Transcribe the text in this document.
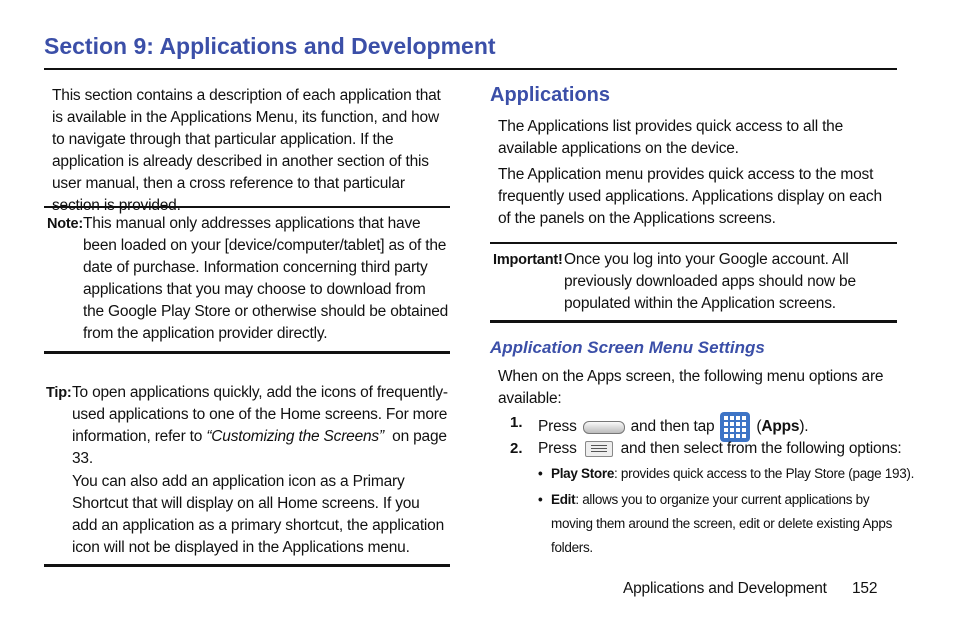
Section 9: Applications and Development

This section contains a description of each application that is available in the Applications Menu, its function, and how to navigate through that particular application. If the application is already described in another section of this user manual, then a cross reference to that particular

Note: This manual only addresses applications that have been loaded on your [device/computer/tablet] as of the date of purchase. Information concerning third party applications that you may choose to download from the Google Play Store or otherwise should be obtained from the application provider directly.

Tip: To open applications quickly, add the icons of frequently-used applications to one of the Home screens. For more information, refer to “Customizing the Screens”  on page 33.

You can also add an application icon as a Primary Shortcut that will display on all Home screens. If you add an application as a primary shortcut, the application icon will not be displayed in the Applications menu.

Applications

The Applications list provides quick access to all the available applications on the device.

The Application menu provides quick access to the most frequently used applications. Applications display on each of the panels on the Applications screens.

Important! Once you log into your Google account. All previously downloaded apps should now be populated within the Application screens.

Application Screen Menu Settings

When on the Apps screen, the following menu options are available:

1. Press	and then tap	( Apps ).
2. Press	and then select from the following options:
• Play Store: provides quick access to the Play Store (page 193).
• Edit: allows you to organize your current applications by moving them around the screen, edit or delete existing Apps folders.
Applications and Development 152
